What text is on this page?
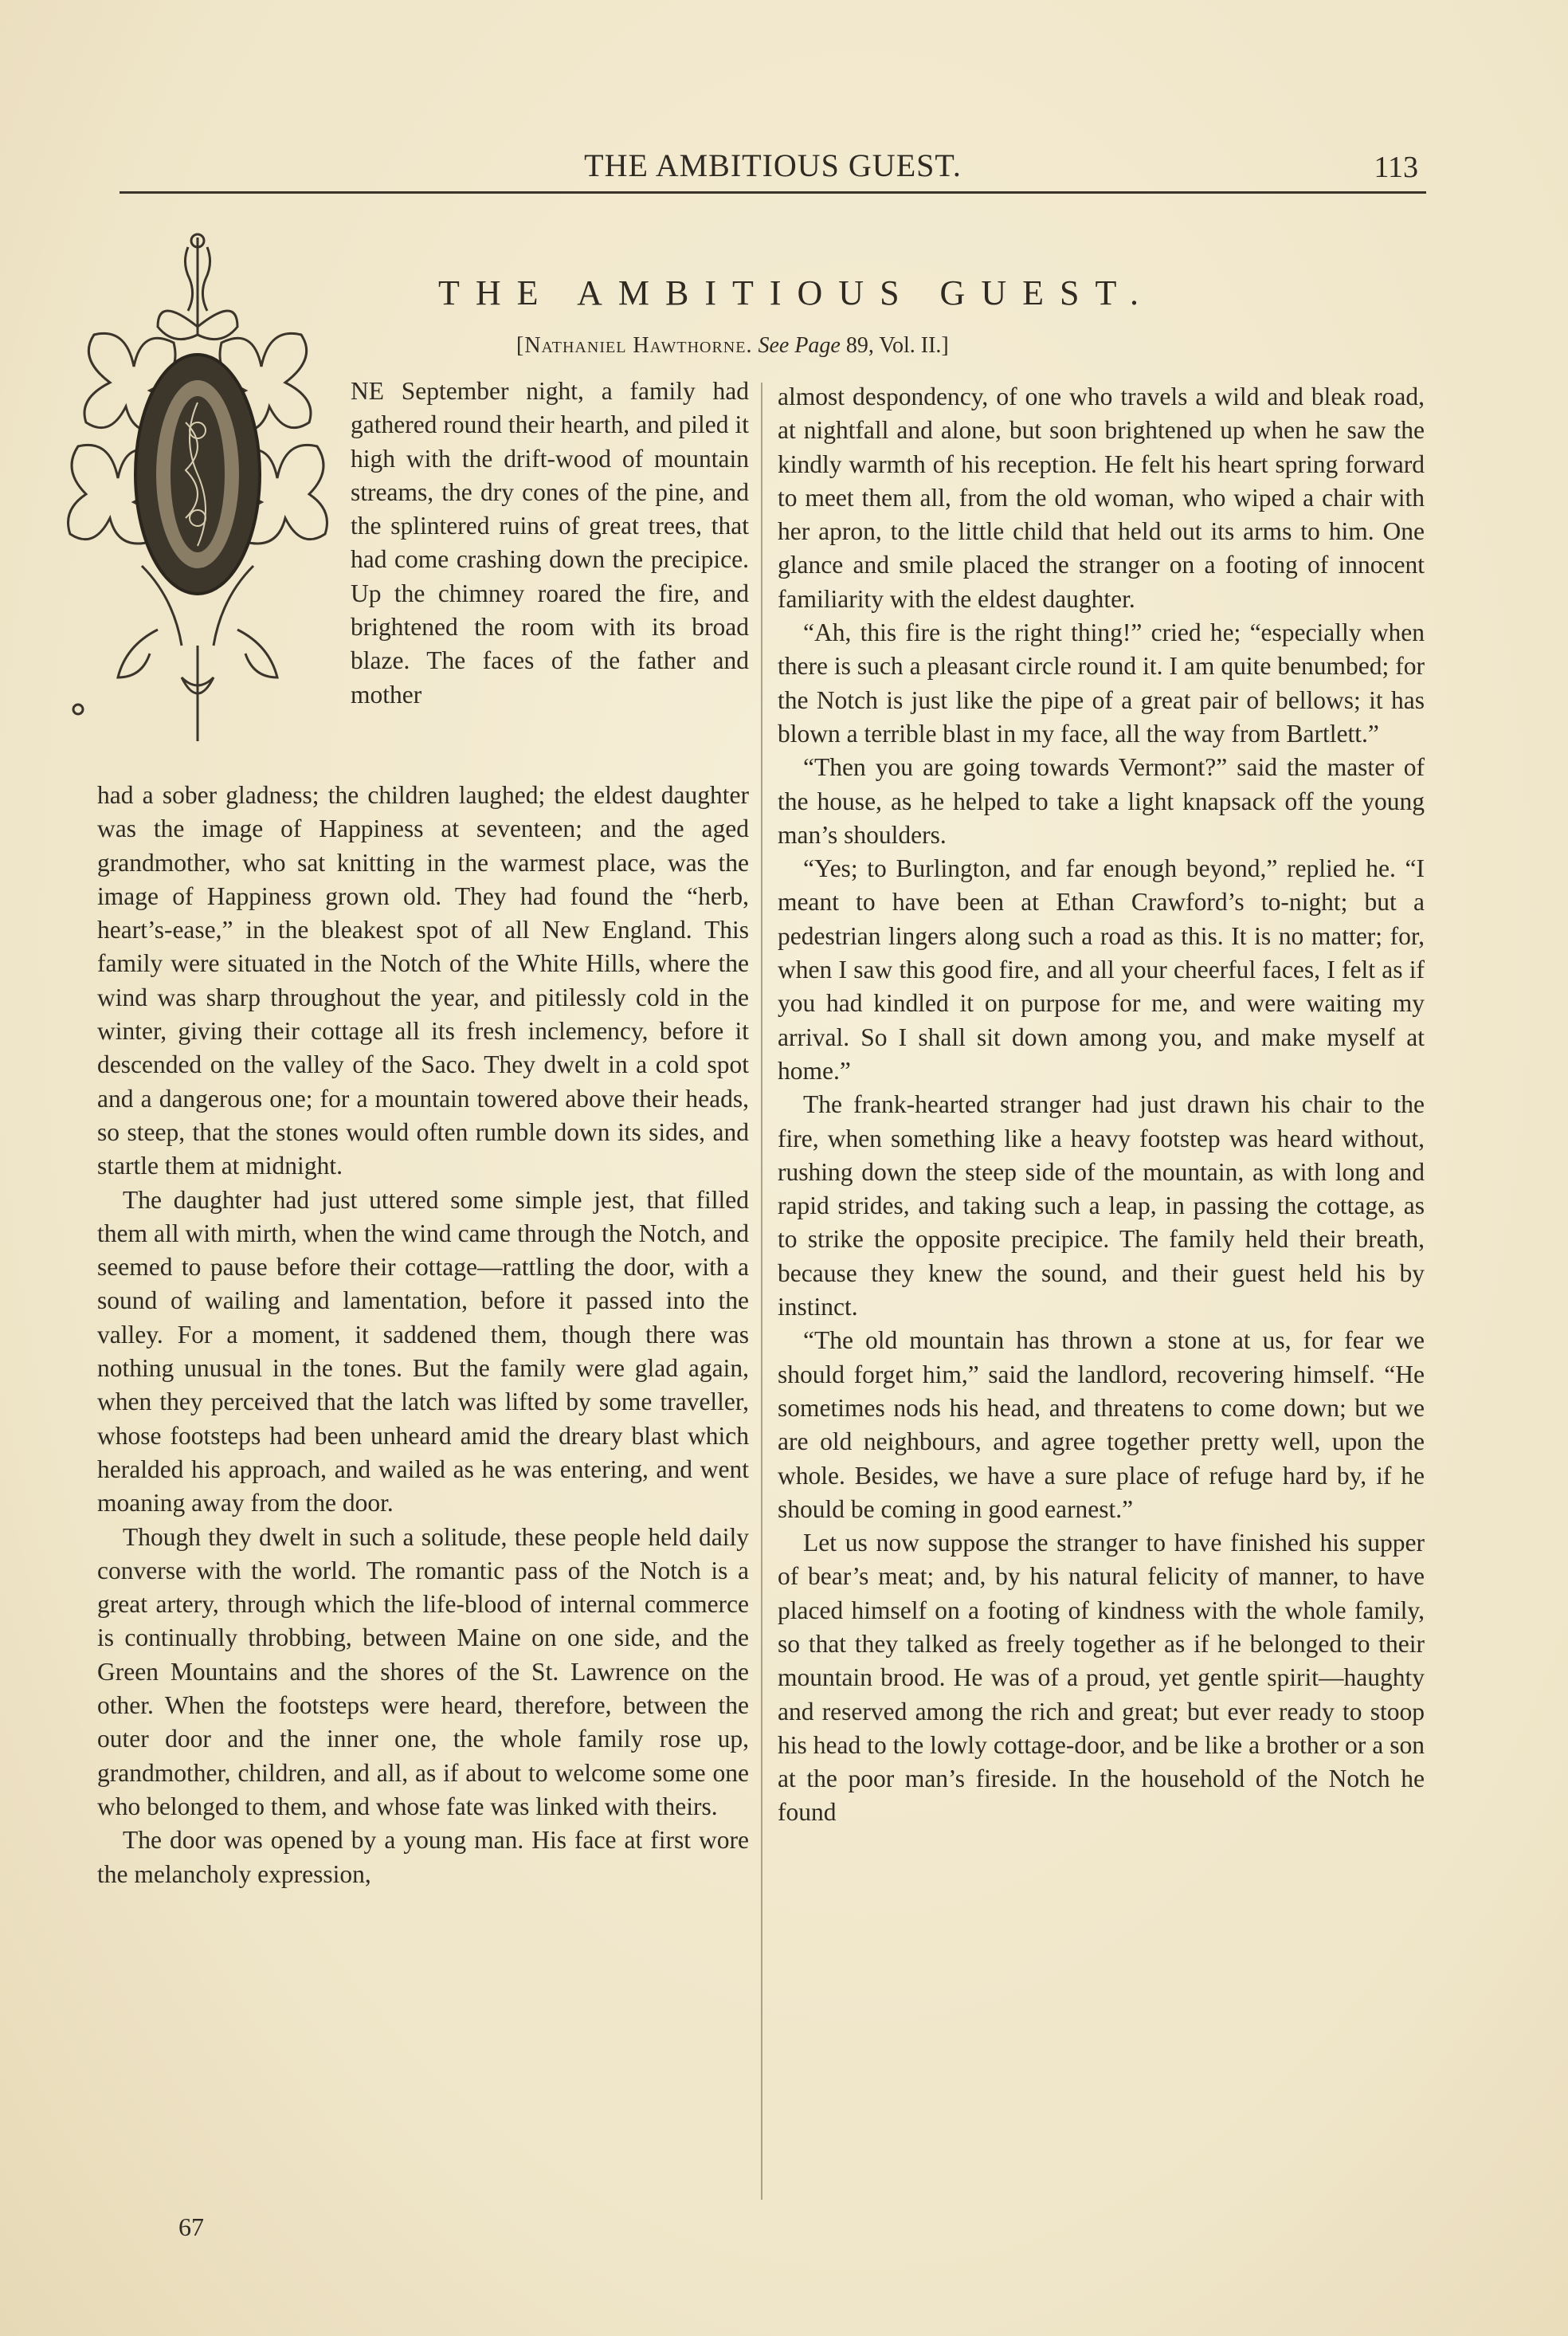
THE AMBITIOUS GUEST.	113
THE AMBITIOUS GUEST.
[Nathaniel Hawthorne. See Page 89, Vol. II.]

NE September night, a family had gathered round their hearth, and piled it high with the drift-wood of mountain streams, the dry cones of the pine, and the splintered ruins of great trees, that had come crashing down the precipice. Up the chimney roared the fire, and brightened the room with its broad blaze. The faces of the father and mother

had a sober gladness; the children laughed; the eldest daughter was the image of Happiness at seventeen; and the aged grandmother, who sat knitting in the warmest place, was the image of Happiness grown old. They had found the “herb, heart’s-ease,” in the bleakest spot of all New England. This family were situated in the Notch of the White Hills, where the wind was sharp throughout the year, and pitilessly cold in the winter, giving their cottage all its fresh inclemency, before it descended on the valley of the Saco. They dwelt in a cold spot and a dangerous one; for a mountain towered above their heads, so steep, that the stones would often rumble down its sides, and startle them at midnight.

The daughter had just uttered some simple jest, that filled them all with mirth, when the wind came through the Notch, and seemed to pause before their cottage—rattling the door, with a sound of wailing and lamentation, before it passed into the valley. For a moment, it saddened them, though there was nothing unusual in the tones. But the family were glad again, when they perceived that the latch was lifted by some traveller, whose footsteps had been unheard amid the dreary blast which heralded his approach, and wailed as he was entering, and went moaning away from the door.

Though they dwelt in such a solitude, these people held daily converse with the world. The romantic pass of the Notch is a great artery, through which the life-blood of internal commerce is continually throbbing, between Maine on one side, and the Green Mountains and the shores of the St. Lawrence on the other. When the footsteps were heard, therefore, between the outer door and the inner one, the whole family rose up, grandmother, children, and all, as if about to welcome some one who belonged to them, and whose fate was linked with theirs.

The door was opened by a young man. His face at first wore the melancholy expression,

almost despondency, of one who travels a wild and bleak road, at nightfall and alone, but soon brightened up when he saw the kindly warmth of his reception. He felt his heart spring forward to meet them all, from the old woman, who wiped a chair with her apron, to the little child that held out its arms to him. One glance and smile placed the stranger on a footing of innocent familiarity with the eldest daughter.

“Ah, this fire is the right thing!” cried he; “especially when there is such a pleasant circle round it. I am quite benumbed; for the Notch is just like the pipe of a great pair of bellows; it has blown a terrible blast in my face, all the way from Bartlett.”

“Then you are going towards Vermont?” said the master of the house, as he helped to take a light knapsack off the young man’s shoulders.

“Yes; to Burlington, and far enough beyond,” replied he. “I meant to have been at Ethan Crawford’s to-night; but a pedestrian lingers along such a road as this. It is no matter; for, when I saw this good fire, and all your cheerful faces, I felt as if you had kindled it on purpose for me, and were waiting my arrival. So I shall sit down among you, and make myself at home.”

The frank-hearted stranger had just drawn his chair to the fire, when something like a heavy footstep was heard without, rushing down the steep side of the mountain, as with long and rapid strides, and taking such a leap, in passing the cottage, as to strike the opposite precipice. The family held their breath, because they knew the sound, and their guest held his by instinct.

“The old mountain has thrown a stone at us, for fear we should forget him,” said the landlord, recovering himself. “He sometimes nods his head, and threatens to come down; but we are old neighbours, and agree together pretty well, upon the whole. Besides, we have a sure place of refuge hard by, if he should be coming in good earnest.”

Let us now suppose the stranger to have finished his supper of bear’s meat; and, by his natural felicity of manner, to have placed himself on a footing of kindness with the whole family, so that they talked as freely together as if he belonged to their mountain brood. He was of a proud, yet gentle spirit—haughty and reserved among the rich and great; but ever ready to stoop his head to the lowly cottage-door, and be like a brother or a son at the poor man’s fireside. In the household of the Notch he found

67
